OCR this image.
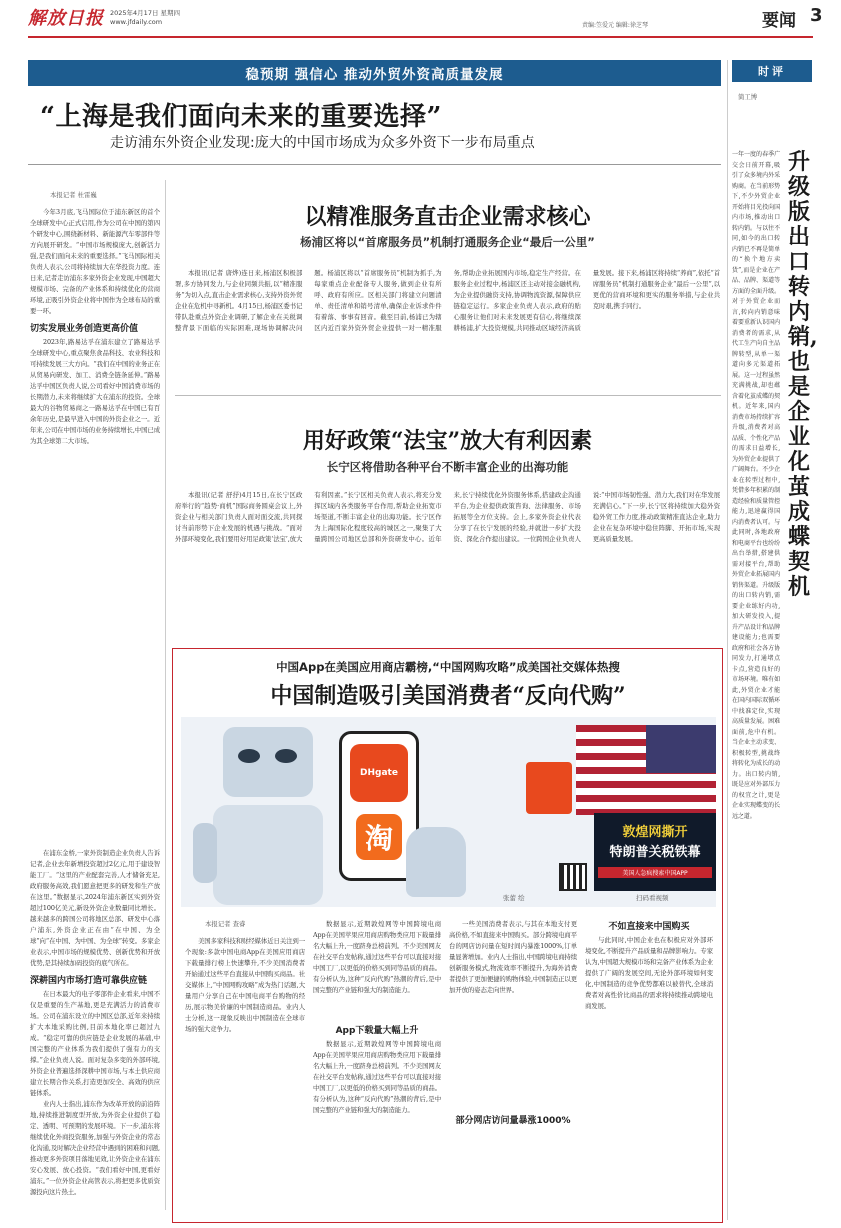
解放日报 2025年4月17日 星期四
www.jfdaily.com	责编:笠爱元 编辑:徐芝琴	要闻 3
稳预期 强信心 推动外贸外资高质量发展
“上海是我们面向未来的重要选择”
走访浦东外资企业发现:庞大的中国市场成为众多外资下一步布局重点
本报记者 杜雷巍

今年3月底,飞马国际位于浦东新区的首个全球研发中心正式启用,作为公司在中国的第四个研发中心,围绕新材料、新能源汽车零部件等方向展开研发。“中国市场规模庞大,创新活力强,是我们面向未来的重要选择。”飞马国际相关负责人表示,公司将持续加大在华投资力度。连日来,记者走访浦东多家外资企业发现,中国超大规模市场、完备的产业体系和持续优化的营商环境,正吸引外资企业将中国作为全球布局的重要一环。

切实发展业务创造更高价值

2023年,路易达孚在浦东建立了路易达孚全球研发中心,重点聚焦食品科技、农业科技和可持续发展三大方向。“我们在中国的业务正在从贸易向研发、加工、消费全链条延伸。”路易达孚中国区负责人说,公司看好中国消费市场的长期潜力,未来将继续扩大在浦东的投资。全球最大的谷物贸易商之一路易达孚在中国已有百余年历史,是最早进入中国的外资企业之一。近年来,公司在中国市场的业务持续增长,中国已成为其全球第二大市场。

在浦东金桥,一家外资制造企业负责人告诉记者,企业去年新增投资超过2亿元,用于建设智能工厂。“这里的产业配套完善,人才储备充足,政府服务高效,我们愿意把更多的研发和生产放在这里。”数据显示,2024年浦东新区实到外资超过100亿美元,新设外资企业数量同比增长。越来越多的跨国公司将地区总部、研发中心落户浦东,外资企业正在由“在中国、为全球”向“在中国、为中国、为全球”转变。多家企业表示,中国市场的规模优势、创新优势和开放优势,是其持续加码投资的底气所在。

深耕国内市场打造可靠供应链

在日本最大的电子零部件企业看来,中国不仅是重要的生产基地,更是充满活力的消费市场。公司在浦东设立的中国区总部,近年来持续扩大本地采购比例,目前本地化率已超过九成。“稳定可靠的供应链是企业发展的基础,中国完整的产业体系为我们提供了强有力的支撑。”企业负责人说。面对复杂多变的外部环境,外资企业普遍选择深耕中国市场,与本土供应商建立长期合作关系,打造更加安全、高效的供应链体系。

业内人士指出,浦东作为改革开放的前沿阵地,持续推进制度型开放,为外资企业提供了稳定、透明、可预期的发展环境。下一步,浦东将继续优化外商投资服务,加强与外资企业的常态化沟通,及时解决企业经营中遇到的困难和问题,推动更多外资项目落地见效,让外资企业在浦东安心发展、放心投资。“我们看好中国,更看好浦东。”一位外资企业高管表示,将把更多优质资源投向这片热土。

以精准服务直击企业需求核心
杨浦区将以“首席服务员”机制打通服务企业“最后一公里”

本报讯(记者 唐烨)连日来,杨浦区积极部署,多方协同发力,与企业同频共振,以“精准服务”为切入点,直击企业需求核心,支持外资外贸企业在危机中寻新机。4月15日,杨浦区委书记带队赴重点外资企业调研,了解企业在关税调整背景下面临的实际困难,现场协调解决问题。杨浦区将以“首席服务员”机制为抓手,为每家重点企业配备专人服务,做到企业有所呼、政府有所应。区相关部门将建立问题清单、责任清单和销号清单,确保企业诉求件件有着落、事事有回音。截至目前,杨浦已为辖区内近百家外资外贸企业提供一对一精准服务,帮助企业拓展国内市场,稳定生产经营。在服务企业过程中,杨浦区还主动对接金融机构,为企业提供融资支持,协调物流资源,保障供应链稳定运行。多家企业负责人表示,政府的贴心服务让他们对未来发展更有信心,将继续深耕杨浦,扩大投资规模,共同推动区域经济高质量发展。接下来,杨浦区将持续“养商”,依托“首席服务员”机制打通服务企业“最后一公里”,以更优的营商环境和更实的服务举措,与企业共克时艰,携手同行。

用好政策“法宝”放大有利因素
长宁区将借助各种平台不断丰富企业的出海功能

本报讯(记者 舒抒)4月15日,在长宁区政府举行的“趋势·商机”国际商务圆桌会议上,外资企业与相关部门负责人面对面交流,共同探讨当前形势下企业发展的机遇与挑战。“面对外部环境变化,我们要用好用足政策‘法宝’,放大有利因素。”长宁区相关负责人表示,将充分发挥区域内各类服务平台作用,帮助企业拓宽市场渠道,不断丰富企业的出海功能。长宁区作为上海国际化程度较高的城区之一,聚集了大量跨国公司地区总部和外资研发中心。近年来,长宁持续优化外资服务体系,搭建政企沟通平台,为企业提供政策咨询、法律服务、市场拓展等全方位支持。会上,多家外资企业代表分享了在长宁发展的经验,并就进一步扩大投资、深化合作提出建议。一位跨国企业负责人说:“中国市场韧性强、潜力大,我们对在华发展充满信心。”下一步,长宁区将持续加大稳外资稳外贸工作力度,推动政策精准直达企业,助力企业在复杂环境中稳住阵脚、开拓市场,实现更高质量发展。

中国App在美国应用商店霸榜,“中国网购攻略”成美国社交媒体热搜
中国制造吸引美国消费者“反向代购”
DHgate
淘	敦煌网撕开
特朗普关税铁幕
美国人急疯搜索中国APP
张蕾 绘	扫码看视频
本报记者 查睿

美国多家科技和财经媒体近日关注到一个现象:多款中国电商App在美国应用商店下载量排行榜上快速攀升,不少美国消费者开始通过这些平台直接从中国购买商品。社交媒体上,“中国网购攻略”成为热门话题,大量用户分享自己在中国电商平台购物的经历,展示物美价廉的中国制造商品。业内人士分析,这一现象反映出中国制造在全球市场的强大竞争力。

数据显示,近期敦煌网等中国跨境电商App在美国苹果应用商店购物类应用下载量排名大幅上升,一度跻身总榜前列。不少美国网友在社交平台发帖称,通过这些平台可以直接对接中国工厂,以更低的价格买到同等品质的商品。有分析认为,这种“反向代购”热潮的背后,是中国完整的产业链和强大的制造能力。

App下载量大幅上升

数据显示,近期敦煌网等中国跨境电商App在美国苹果应用商店购物类应用下载量排名大幅上升,一度跻身总榜前列。不少美国网友在社交平台发帖称,通过这些平台可以直接对接中国工厂,以更低的价格买到同等品质的商品。有分析认为,这种“反向代购”热潮的背后,是中国完整的产业链和强大的制造能力。

一些美国消费者表示,与其在本地支付更高价格,不如直接来中国购买。部分跨境电商平台的网店访问量在短时间内暴涨1000%,订单量显著增加。业内人士指出,中国跨境电商持续创新服务模式,物流效率不断提升,为海外消费者提供了更加便捷的购物体验,中国制造正以更加开放的姿态走向世界。

部分网店访问量暴涨1000%
不如直接来中国购买

与此同时,中国企业也在积极应对外部环境变化,不断提升产品质量和品牌影响力。专家认为,中国超大规模市场和完备产业体系为企业提供了广阔的发展空间,无论外部环境如何变化,中国制造的竞争优势都难以被替代,全球消费者对高性价比商品的需求将持续推动跨境电商发展。

时评
简工博

一年一度的春季广交会日前开幕,吸引了众多境内外采购商。在当前形势下,不少外贸企业开始将目光投向国内市场,推动出口转内销。与以往不同,如今的出口转内销已不再是简单的“换个地方卖货”,而是企业在产品、品牌、渠道等方面的全面升级。对于外贸企业而言,转向内销意味着要重新认识国内消费者的需求,从代工生产向自主品牌转型,从单一渠道向多元渠道拓展。这一过程虽然充满挑战,却也蕴含着化茧成蝶的契机。近年来,国内消费市场持续扩容升级,消费者对高品质、个性化产品的需求日益增长,为外贸企业提供了广阔舞台。不少企业在转型过程中,凭借多年积累的制造经验和质量管控能力,迅速赢得国内消费者认可。与此同时,各地政府和电商平台也纷纷出台举措,搭建供需对接平台,帮助外贸企业拓展国内销售渠道。升级版的出口转内销,需要企业练好内功,加大研发投入,提升产品设计和品牌建设能力;也需要政府和社会各方协同发力,打通堵点卡点,营造良好的市场环境。唯有如此,外贸企业才能在国内国际双循环中找准定位,实现高质量发展。困难面前,危中有机。当企业主动求变、积极转型,挑战终将转化为成长的动力。出口转内销,既是应对外部压力的权宜之计,更是企业实现蝶变的长远之道。

升级版出口转内销,也是企业化茧成蝶契机
